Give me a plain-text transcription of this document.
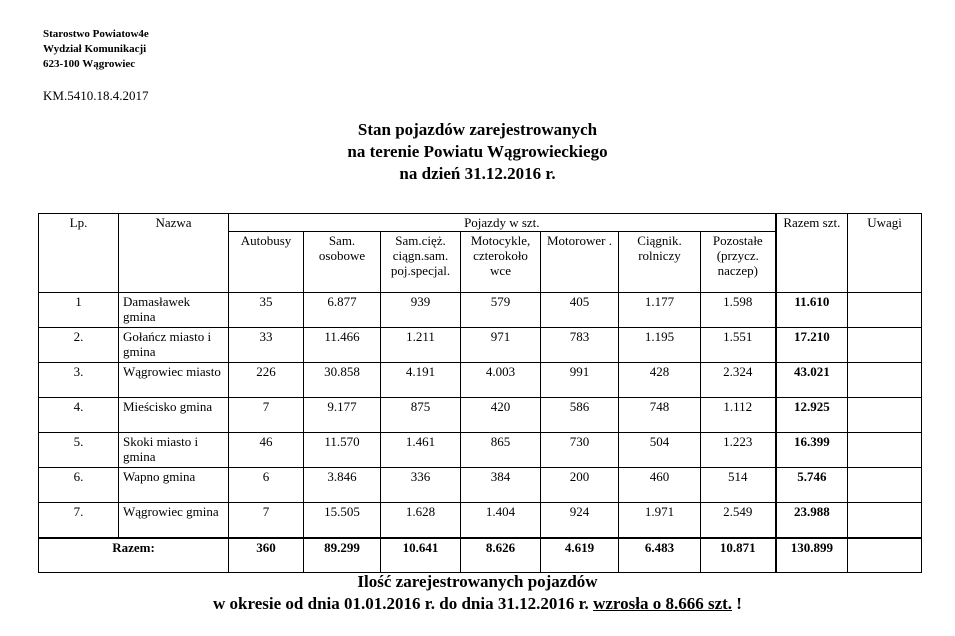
Starostwo Powiatow4e
Wydział Komunikacji
623-100 Wągrowiec
KM.5410.18.4.2017
Stan pojazdów zarejestrowanych
na terenie Powiatu Wągrowieckiego
na dzień 31.12.2016 r.
Lp.	Nazwa	Pojazdy w szt.							Razem szt.	Uwagi
		Autobusy	Sam. osobowe	Sam.cięż. ciągn.sam. poj.specjal.	Motocykle, czterokoło wce	Motorower .	Ciągnik. rolniczy	Pozostałe (przycz. naczep)		
1	Damasławek gmina	35	6.877	939	579	405	1.177	1.598	11.610	
2.	Gołańcz miasto i gmina	33	11.466	1.211	971	783	1.195	1.551	17.210	
3.	Wągrowiec miasto	226	30.858	4.191	4.003	991	428	2.324	43.021	
4.	Mieścisko gmina	7	9.177	875	420	586	748	1.112	12.925	
5.	Skoki miasto i gmina	46	11.570	1.461	865	730	504	1.223	16.399	
6.	Wapno gmina	6	3.846	336	384	200	460	514	5.746	
7.	Wągrowiec gmina	7	15.505	1.628	1.404	924	1.971	2.549	23.988	
Razem:		360	89.299	10.641	8.626	4.619	6.483	10.871	130.899	
Ilość zarejestrowanych pojazdów
w okresie od dnia 01.01.2016 r. do dnia 31.12.2016 r. wzrosła o 8.666 szt. !
